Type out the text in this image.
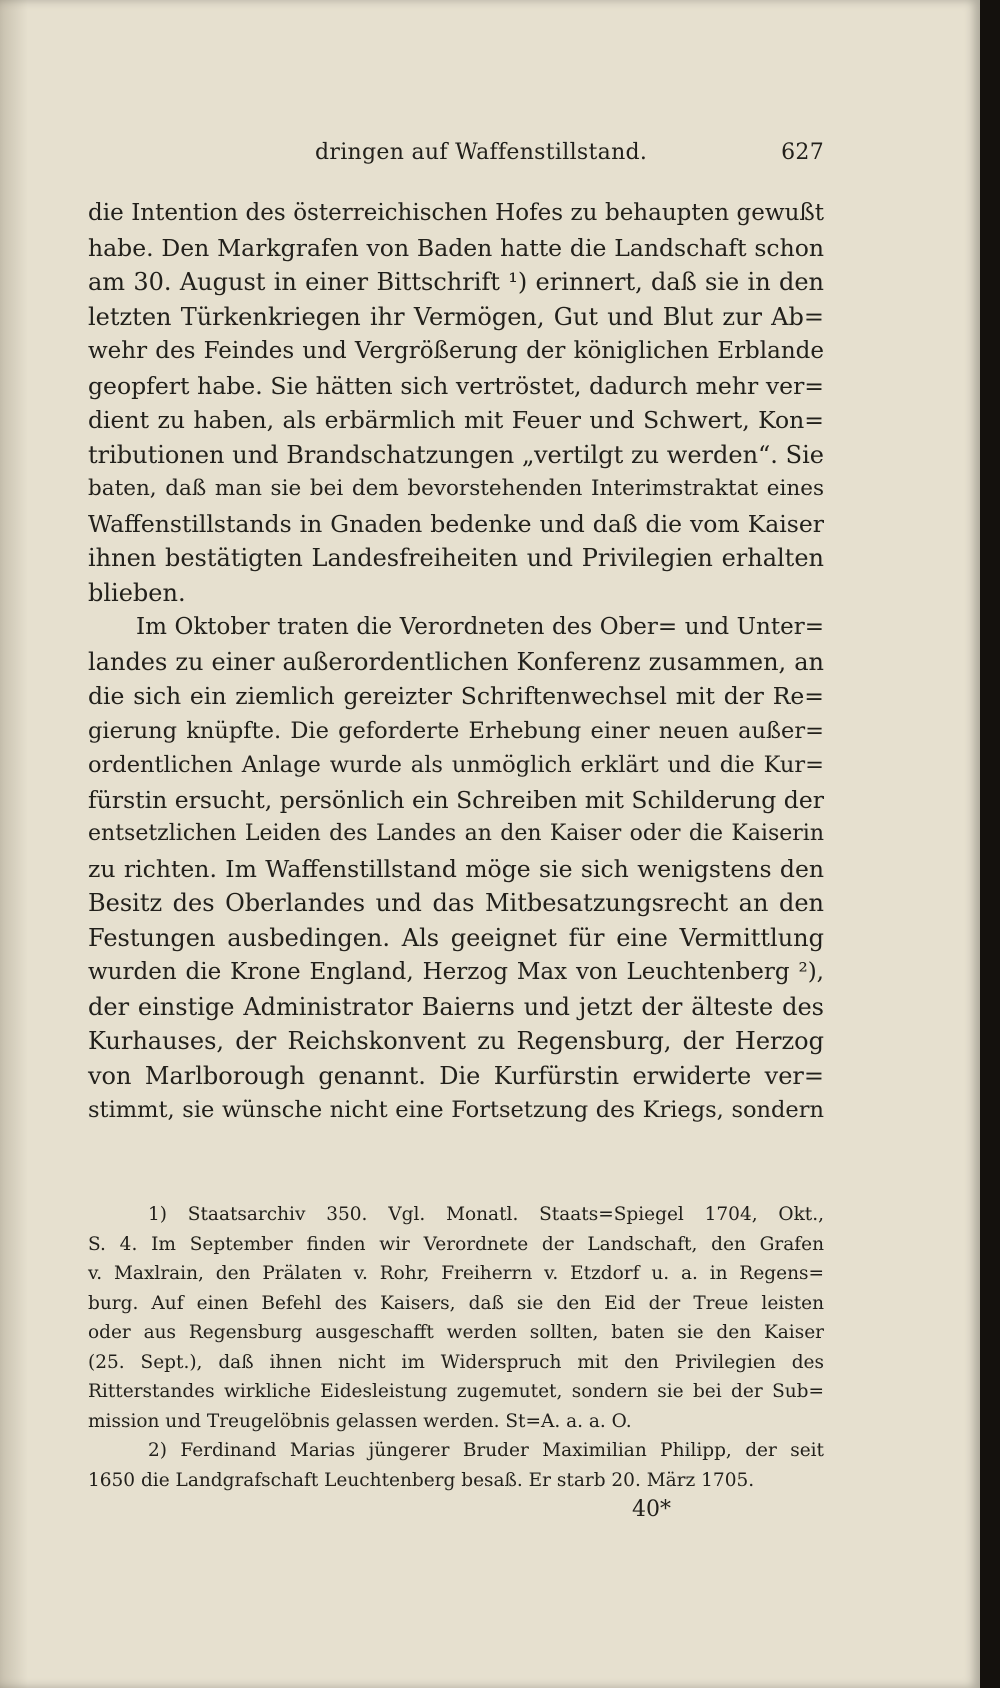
dringen auf Waffenstillstand.	627
die Intention des österreichischen Hofes zu behaupten gewußt
habe. Den Markgrafen von Baden hatte die Landschaft schon
am 30. August in einer Bittschrift ¹) erinnert, daß sie in den
letzten Türkenkriegen ihr Vermögen, Gut und Blut zur Ab=
wehr des Feindes und Vergrößerung der königlichen Erblande
geopfert habe. Sie hätten sich vertröstet, dadurch mehr ver=
dient zu haben, als erbärmlich mit Feuer und Schwert, Kon=
tributionen und Brandschatzungen „vertilgt zu werden“. Sie
baten, daß man sie bei dem bevorstehenden Interimstraktat eines
Waffenstillstands in Gnaden bedenke und daß die vom Kaiser
ihnen bestätigten Landesfreiheiten und Privilegien erhalten
blieben.
Im Oktober traten die Verordneten des Ober= und Unter=
landes zu einer außerordentlichen Konferenz zusammen, an
die sich ein ziemlich gereizter Schriftenwechsel mit der Re=
gierung knüpfte. Die geforderte Erhebung einer neuen außer=
ordentlichen Anlage wurde als unmöglich erklärt und die Kur=
fürstin ersucht, persönlich ein Schreiben mit Schilderung der
entsetzlichen Leiden des Landes an den Kaiser oder die Kaiserin
zu richten. Im Waffenstillstand möge sie sich wenigstens den
Besitz des Oberlandes und das Mitbesatzungsrecht an den
Festungen ausbedingen. Als geeignet für eine Vermittlung
wurden die Krone England, Herzog Max von Leuchtenberg ²),
der einstige Administrator Baierns und jetzt der älteste des
Kurhauses, der Reichskonvent zu Regensburg, der Herzog
von Marlborough genannt. Die Kurfürstin erwiderte ver=
stimmt, sie wünsche nicht eine Fortsetzung des Kriegs, sondern
1) Staatsarchiv 350. Vgl. Monatl. Staats=Spiegel 1704, Okt.,
S. 4. Im September finden wir Verordnete der Landschaft, den Grafen
v. Maxlrain, den Prälaten v. Rohr, Freiherrn v. Etzdorf u. a. in Regens=
burg. Auf einen Befehl des Kaisers, daß sie den Eid der Treue leisten
oder aus Regensburg ausgeschafft werden sollten, baten sie den Kaiser
(25. Sept.), daß ihnen nicht im Widerspruch mit den Privilegien des
Ritterstandes wirkliche Eidesleistung zugemutet, sondern sie bei der Sub=
mission und Treugelöbnis gelassen werden. St=A. a. a. O.
2) Ferdinand Marias jüngerer Bruder Maximilian Philipp, der seit
1650 die Landgrafschaft Leuchtenberg besaß. Er starb 20. März 1705.
40*
